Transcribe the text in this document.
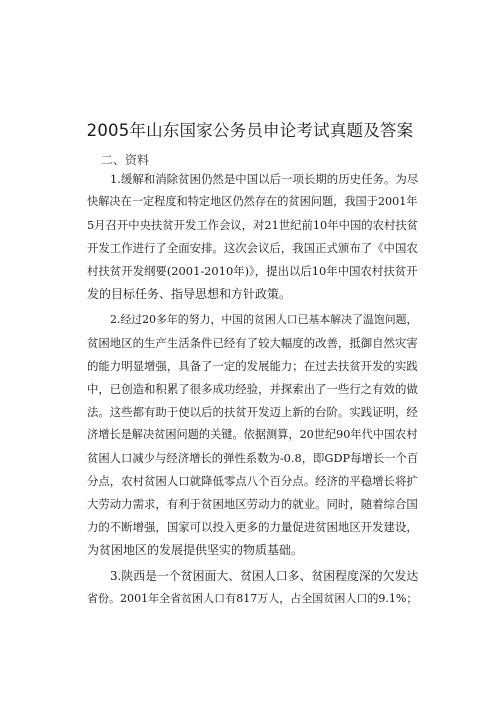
2005年山东国家公务员申论考试真题及答案

二、资料

1.缓解和消除贫困仍然是中国以后一项长期的历史任务。为尽
快解决在一定程度和特定地区仍然存在的贫困问题，我国于2001年
5月召开中央扶贫开发工作会议，对21世纪前10年中国的农村扶贫
开发工作进行了全面安排。这次会议后，我国正式颁布了《中国农
村扶贫开发纲要(2001-2010年)》，提出以后10年中国农村扶贫开
发的目标任务、指导思想和方针政策。
2.经过20多年的努力，中国的贫困人口已基本解决了温饱问题，
贫困地区的生产生活条件已经有了较大幅度的改善，抵御自然灾害
的能力明显增强，具备了一定的发展能力；在过去扶贫开发的实践
中，已创造和积累了很多成功经验，并探索出了一些行之有效的做
法。这些都有助于使以后的扶贫开发迈上新的台阶。实践证明，经
济增长是解决贫困问题的关键。依据测算，20世纪90年代中国农村
贫困人口减少与经济增长的弹性系数为-0.8，即GDP每增长一个百
分点，农村贫困人口就降低零点八个百分点。经济的平稳增长将扩
大劳动力需求，有利于贫困地区劳动力的就业。同时，随着综合国
力的不断增强，国家可以投入更多的力量促进贫困地区开发建设，
为贫困地区的发展提供坚实的物质基础。
3.陕西是一个贫困面大、贫困人口多、贫困程度深的欠发达
省份。2001年全省贫困人口有817万人，占全国贫困人口的9.1%；
